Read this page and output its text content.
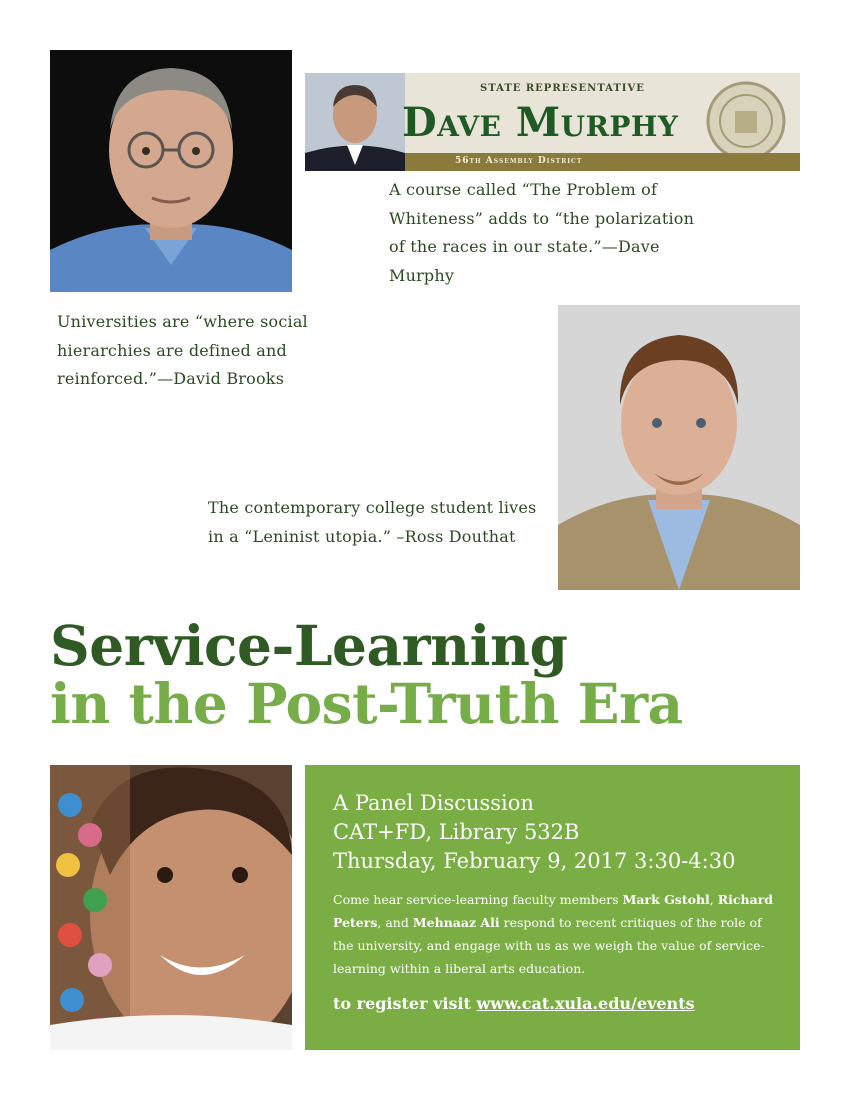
STATE REPRESENTATIVE
Dave Murphy
56th Assembly District

A course called “The Problem of Whiteness” adds to “the polarization of the races in our state.”—Dave Murphy

Universities are “where social hierarchies are defined and reinforced.”—David Brooks

The contemporary college student lives in a “Leninist utopia.” –Ross Douthat

Service-Learning
in the Post-Truth Era
A Panel Discussion
CAT+FD, Library 532B
Thursday, February 9, 2017 3:30-4:30

Come hear service-learning faculty members Mark Gstohl, Richard Peters, and Mehnaaz Ali respond to recent critiques of the role of the university, and engage with us as we weigh the value of service-learning within a liberal arts education.

to register visit www.cat.xula.edu/events
